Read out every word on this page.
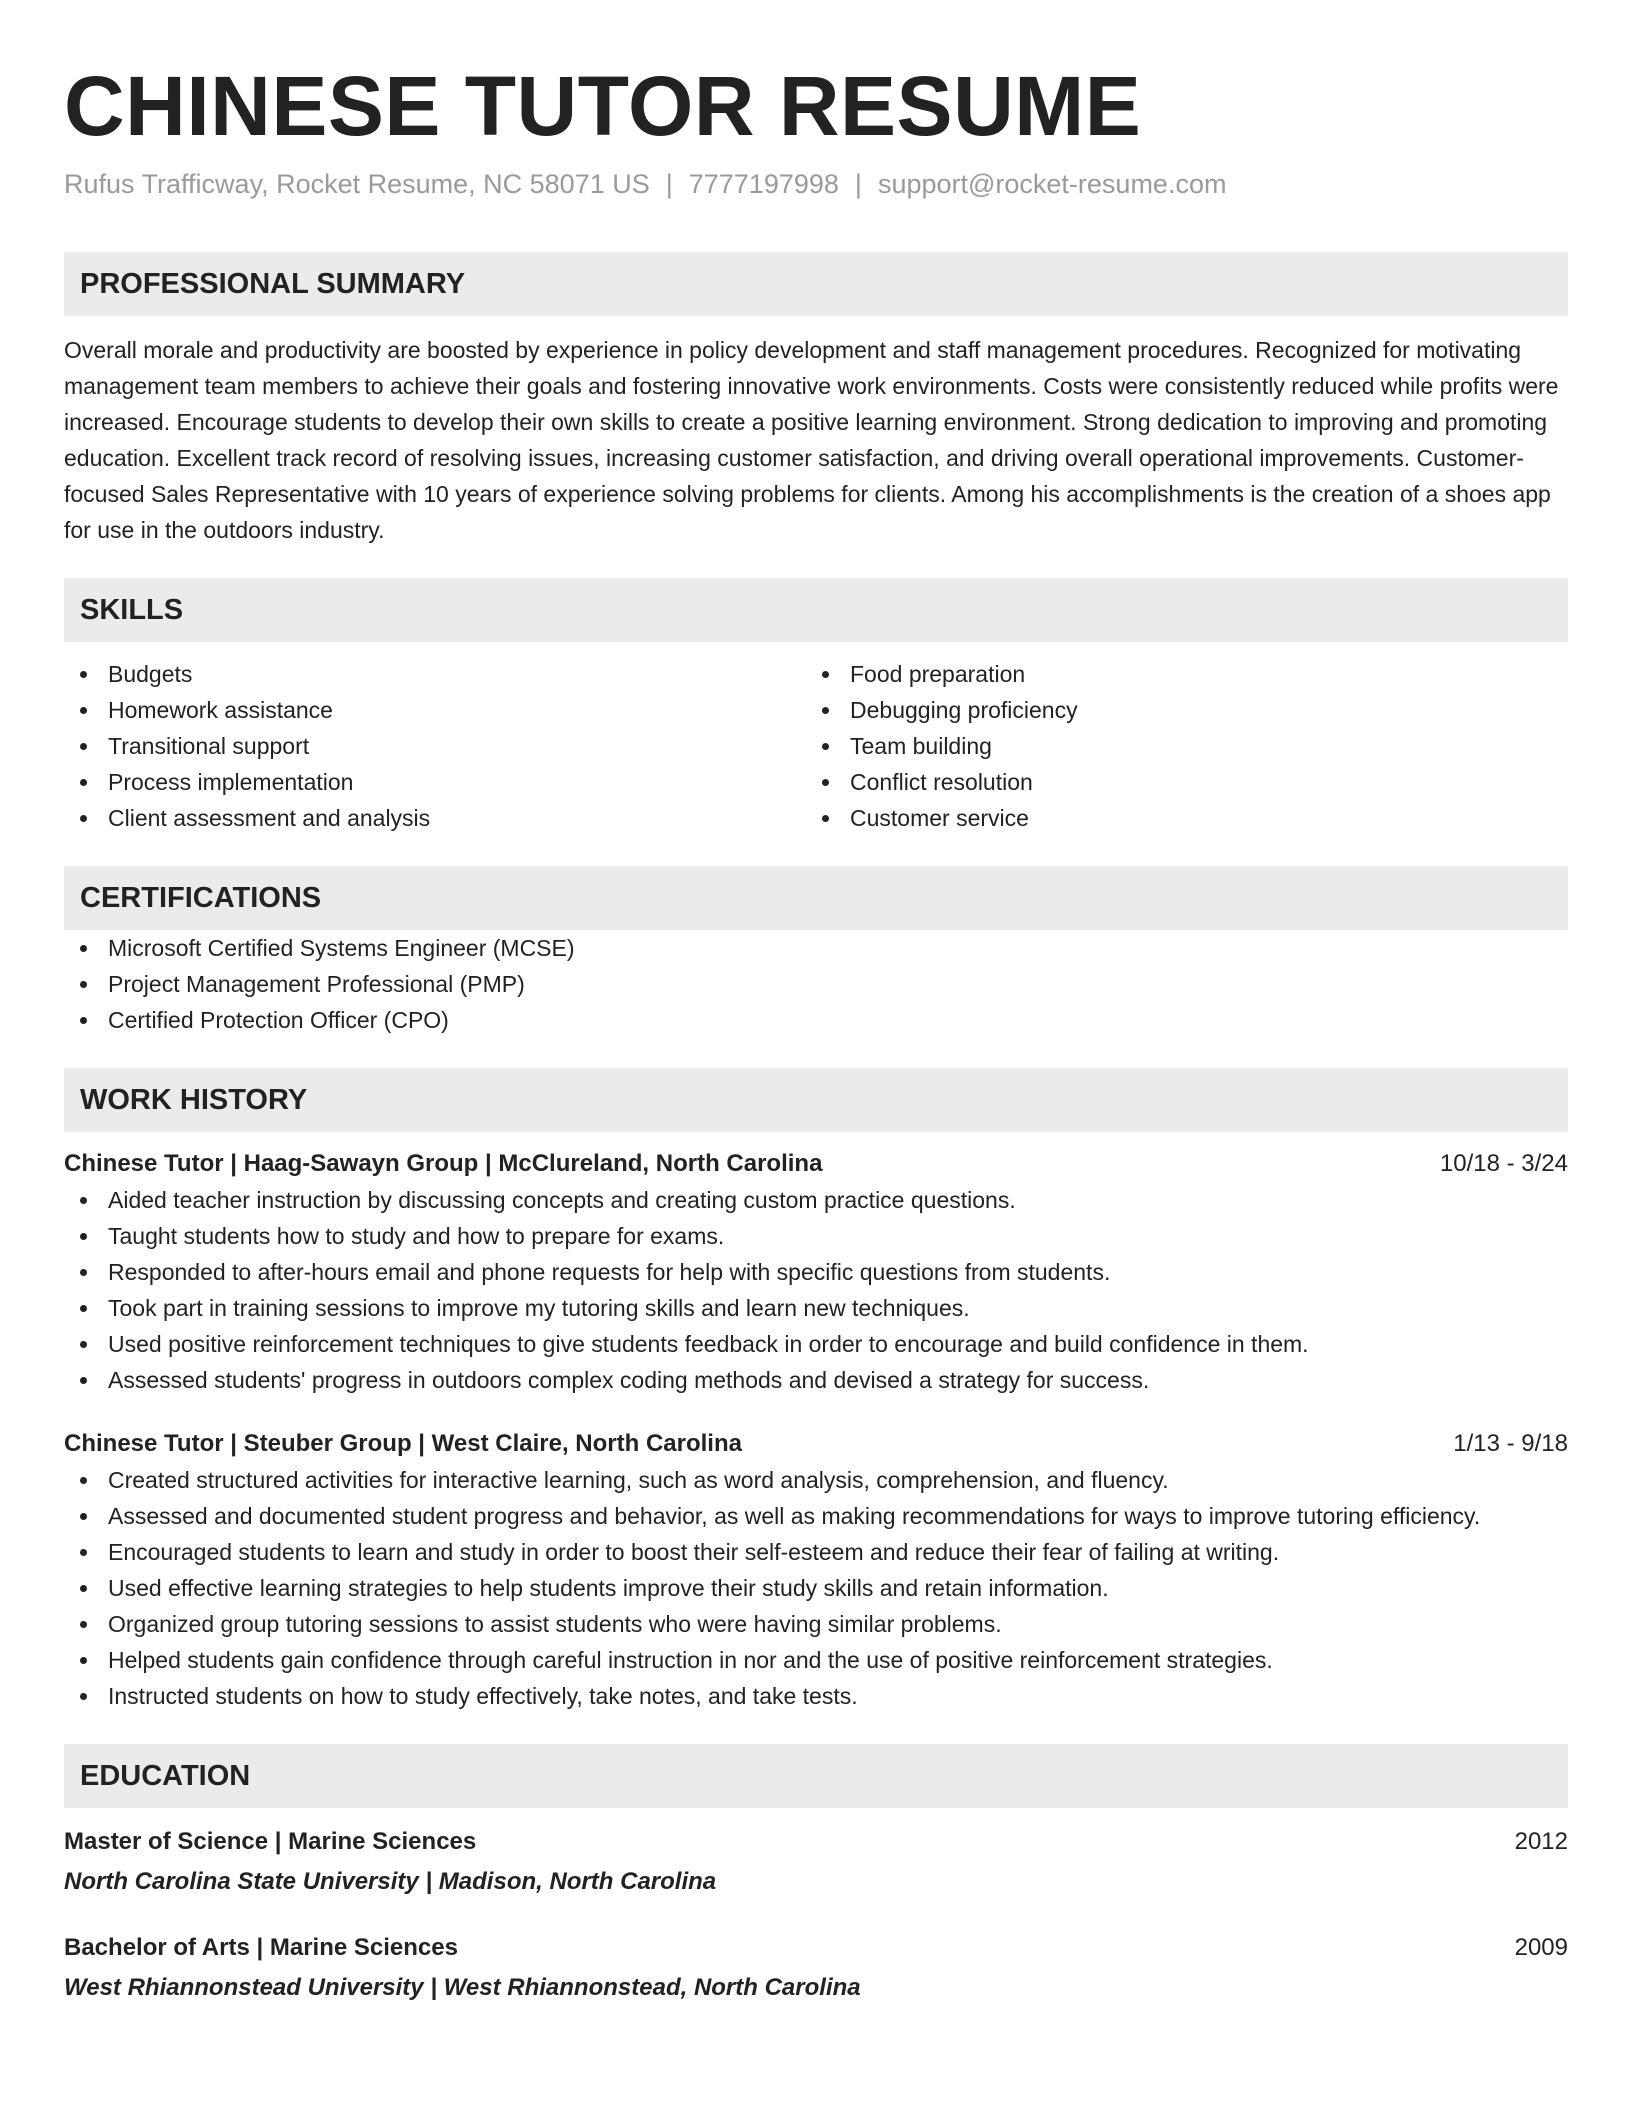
CHINESE TUTOR RESUME
Rufus Trafficway, Rocket Resume, NC 58071 US | 7777197998 | support@rocket-resume.com
PROFESSIONAL SUMMARY
Overall morale and productivity are boosted by experience in policy development and staff management procedures. Recognized for motivating management team members to achieve their goals and fostering innovative work environments. Costs were consistently reduced while profits were increased. Encourage students to develop their own skills to create a positive learning environment. Strong dedication to improving and promoting education. Excellent track record of resolving issues, increasing customer satisfaction, and driving overall operational improvements. Customer-focused Sales Representative with 10 years of experience solving problems for clients. Among his accomplishments is the creation of a shoes app for use in the outdoors industry.
SKILLS
Budgets
Homework assistance
Transitional support
Process implementation
Client assessment and analysis
Food preparation
Debugging proficiency
Team building
Conflict resolution
Customer service
CERTIFICATIONS
Microsoft Certified Systems Engineer (MCSE)
Project Management Professional (PMP)
Certified Protection Officer (CPO)
WORK HISTORY
Chinese Tutor | Haag-Sawayn Group | McClureland, North Carolina	10/18 - 3/24
Aided teacher instruction by discussing concepts and creating custom practice questions.
Taught students how to study and how to prepare for exams.
Responded to after-hours email and phone requests for help with specific questions from students.
Took part in training sessions to improve my tutoring skills and learn new techniques.
Used positive reinforcement techniques to give students feedback in order to encourage and build confidence in them.
Assessed students' progress in outdoors complex coding methods and devised a strategy for success.
Chinese Tutor | Steuber Group | West Claire, North Carolina	1/13 - 9/18
Created structured activities for interactive learning, such as word analysis, comprehension, and fluency.
Assessed and documented student progress and behavior, as well as making recommendations for ways to improve tutoring efficiency.
Encouraged students to learn and study in order to boost their self-esteem and reduce their fear of failing at writing.
Used effective learning strategies to help students improve their study skills and retain information.
Organized group tutoring sessions to assist students who were having similar problems.
Helped students gain confidence through careful instruction in nor and the use of positive reinforcement strategies.
Instructed students on how to study effectively, take notes, and take tests.
EDUCATION
Master of Science | Marine Sciences	2012
North Carolina State University | Madison, North Carolina
Bachelor of Arts | Marine Sciences	2009
West Rhiannonstead University | West Rhiannonstead, North Carolina
